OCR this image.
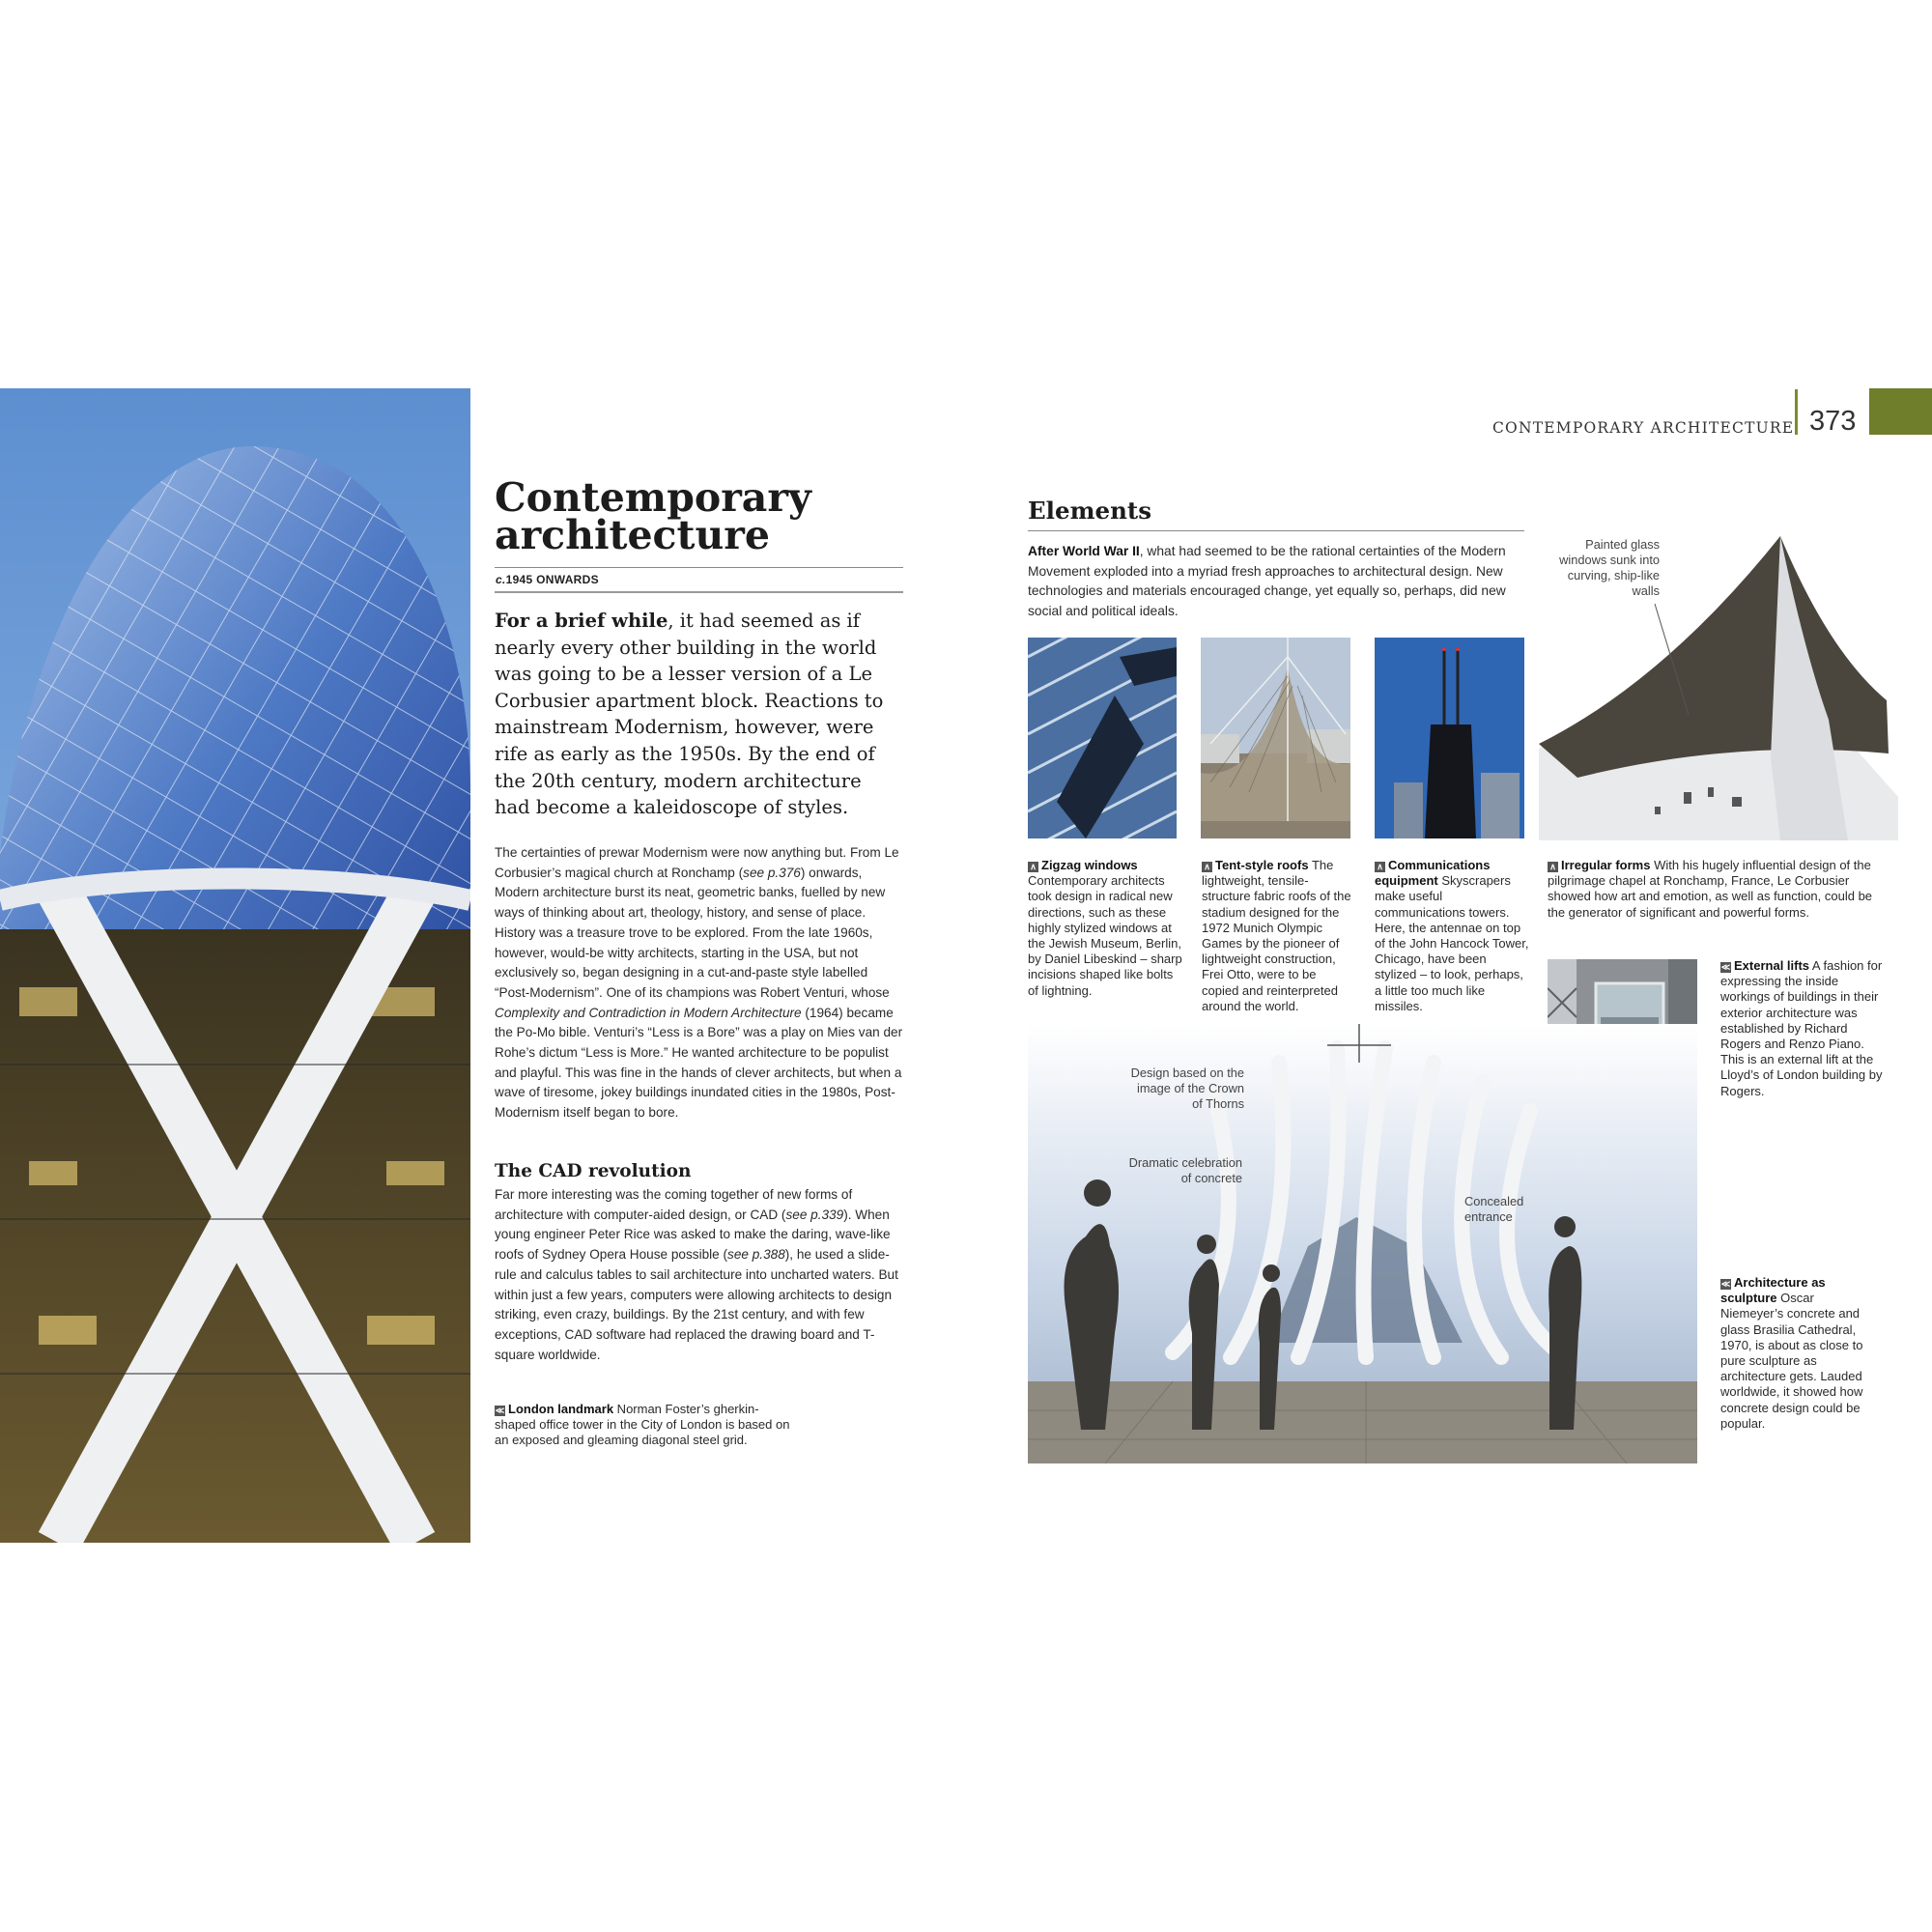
Contemporary
architecture
c.1945 ONWARDS

For a brief while, it had seemed as if nearly every other building in the world was going to be a lesser version of a Le Corbusier apartment block. Reactions to mainstream Modernism, however, were rife as early as the 1950s. By the end of the 20th century, modern architecture had become a kaleidoscope of styles.

The certainties of prewar Modernism were now anything but. From Le Corbusier’s magical church at Ronchamp (see p.376) onwards, Modern architecture burst its neat, geometric banks, fuelled by new ways of thinking about art, theology, history, and sense of place. History was a treasure trove to be explored. From the late 1960s, however, would-be witty architects, starting in the USA, but not exclusively so, began designing in a cut-and-paste style labelled “Post-Modernism”. One of its champions was Robert Venturi, whose Complexity and Contradiction in Modern Architecture (1964) became the Po-Mo bible. Venturi’s “Less is a Bore” was a play on Mies van der Rohe’s dictum “Less is More.” He wanted architecture to be populist and playful. This was fine in the hands of clever architects, but when a wave of tiresome, jokey buildings inundated cities in the 1980s, Post-Modernism itself began to bore.

The CAD revolution

Far more interesting was the coming together of new forms of architecture with computer-aided design, or CAD (see p.339). When young engineer Peter Rice was asked to make the daring, wave-like roofs of Sydney Opera House possible (see p.388), he used a slide-rule and calculus tables to sail architecture into uncharted waters. But within just a few years, computers were allowing architects to design striking, even crazy, buildings. By the 21st century, and with few exceptions, CAD software had replaced the drawing board and T-square worldwide.

≪ London landmark Norman Foster’s gherkin-shaped office tower in the City of London is based on an exposed and gleaming diagonal steel grid.

CONTEMPORARY ARCHITECTURE 373
Elements

After World War II, what had seemed to be the rational certainties of the Modern Movement exploded into a myriad fresh approaches to architectural design. New technologies and materials encouraged change, yet equally so, perhaps, did new social and political ideals.

Painted glass windows sunk into curving, ship-like walls

∧ Zigzag windows Contemporary architects took design in radical new directions, such as these highly stylized windows at the Jewish Museum, Berlin, by Daniel Libeskind – sharp incisions shaped like bolts of lightning.

∧ Tent-style roofs The lightweight, tensile-structure fabric roofs of the stadium designed for the 1972 Munich Olympic Games by the pioneer of lightweight construction, Frei Otto, were to be copied and reinterpreted around the world.

∧ Communications equipment Skyscrapers make useful communications towers. Here, the antennae on top of the John Hancock Tower, Chicago, have been stylized – to look, perhaps, a little too much like missiles.

∧ Irregular forms With his hugely influential design of the pilgrimage chapel at Ronchamp, France, Le Corbusier showed how art and emotion, as well as function, could be the generator of significant and powerful forms.

≪ External lifts A fashion for expressing the inside workings of buildings in their exterior architecture was established by Richard Rogers and Renzo Piano. This is an external lift at the Lloyd’s of London building by Rogers.

Design based on the image of the Crown of Thorns
Dramatic celebration of concrete
Concealed entrance

≪ Architecture as sculpture Oscar Niemeyer’s concrete and glass Brasilia Cathedral, 1970, is about as close to pure sculpture as architecture gets. Lauded worldwide, it showed how concrete design could be popular.
